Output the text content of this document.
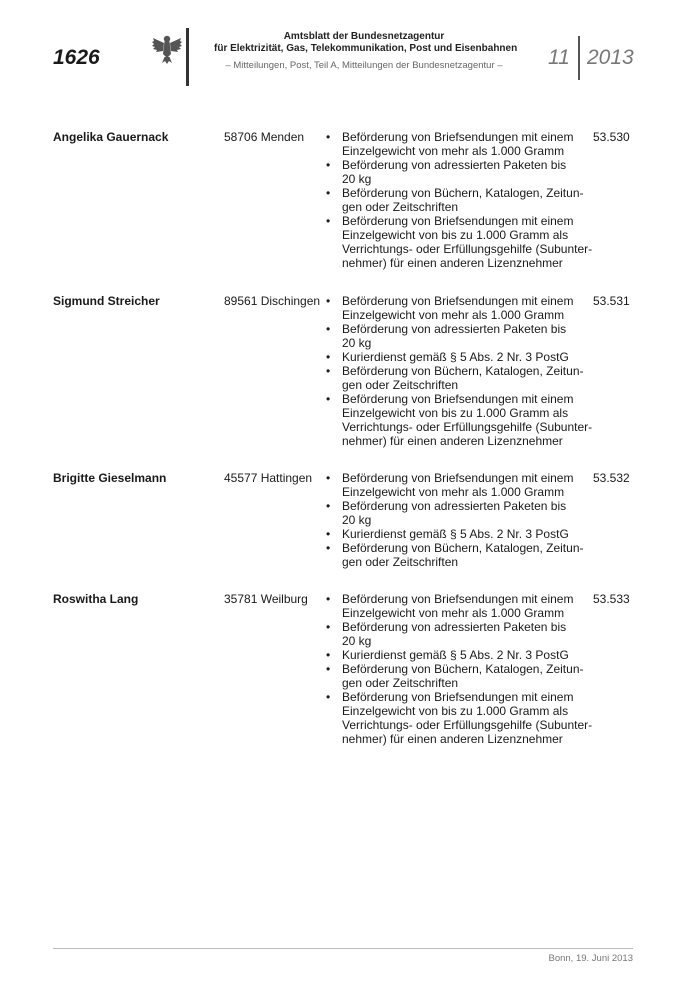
1626
Amtsblatt der Bundesnetzagentur
für Elektrizität, Gas, Telekommunikation, Post und Eisenbahnen
– Mitteilungen, Post, Teil A, Mitteilungen der Bundesnetzagentur –	11 2013
Angelika Gauernack	58706 Menden	• Beförderung von Briefsendungen mit einem
Einzelgewicht von mehr als 1.000 Gramm
• Beförderung von adressierten Paketen bis
20 kg
• Beförderung von Büchern, Katalogen, Zeitun-
gen oder Zeitschriften
• Beförderung von Briefsendungen mit einem
Einzelgewicht von bis zu 1.000 Gramm als
Verrichtungs- oder Erfüllungsgehilfe (Subunter-
nehmer) für einen anderen Lizenznehmer
53.530
Sigmund Streicher	89561 Dischingen • Beförderung von Briefsendungen mit einem
Einzelgewicht von mehr als 1.000 Gramm
• Beförderung von adressierten Paketen bis
20 kg
• Kurierdienst gemäß § 5 Abs. 2 Nr. 3 PostG
• Beförderung von Büchern, Katalogen, Zeitun-
gen oder Zeitschriften
• Beförderung von Briefsendungen mit einem
Einzelgewicht von bis zu 1.000 Gramm als
Verrichtungs- oder Erfüllungsgehilfe (Subunter-
nehmer) für einen anderen Lizenznehmer
53.531
Brigitte Gieselmann	45577 Hattingen • Beförderung von Briefsendungen mit einem
Einzelgewicht von mehr als 1.000 Gramm
• Beförderung von adressierten Paketen bis
20 kg
• Kurierdienst gemäß § 5 Abs. 2 Nr. 3 PostG
• Beförderung von Büchern, Katalogen, Zeitun-
gen oder Zeitschriften
53.532
Roswitha Lang	35781 Weilburg	• Beförderung von Briefsendungen mit einem
Einzelgewicht von mehr als 1.000 Gramm
• Beförderung von adressierten Paketen bis
20 kg
• Kurierdienst gemäß § 5 Abs. 2 Nr. 3 PostG
• Beförderung von Büchern, Katalogen, Zeitun-
gen oder Zeitschriften
• Beförderung von Briefsendungen mit einem
Einzelgewicht von bis zu 1.000 Gramm als
Verrichtungs- oder Erfüllungsgehilfe (Subunter-
nehmer) für einen anderen Lizenznehmer
53.533
Bonn, 19. Juni 2013
